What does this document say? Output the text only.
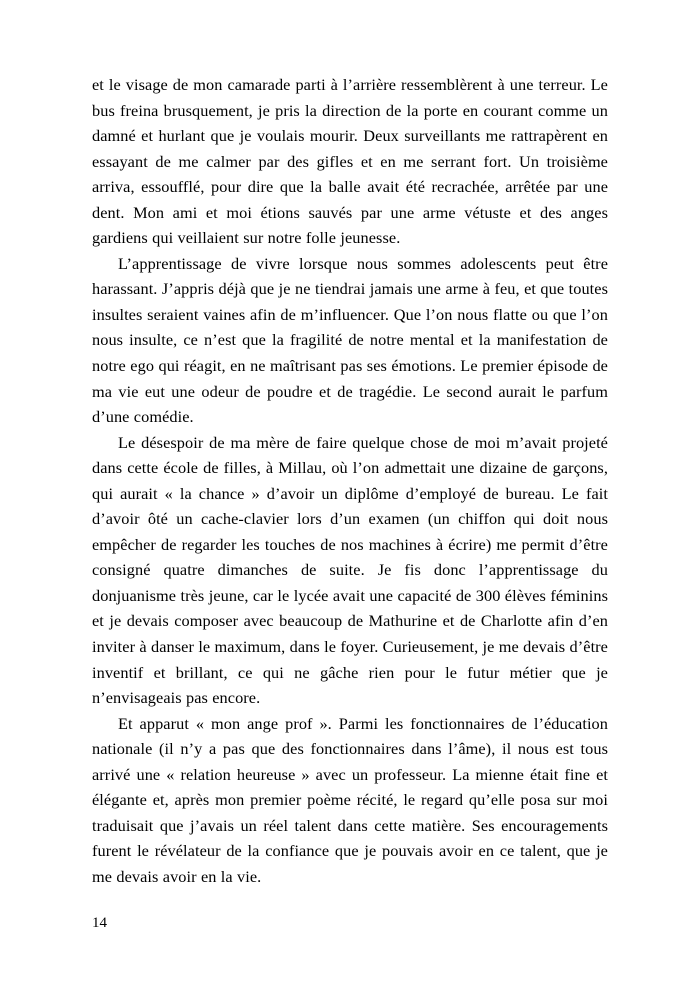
et le visage de mon camarade parti à l’arrière ressemblèrent à une terreur. Le bus freina brusquement, je pris la direction de la porte en courant comme un damné et hurlant que je voulais mourir. Deux surveillants me rattrapèrent en essayant de me calmer par des gifles et en me serrant fort. Un troisième arriva, essoufflé, pour dire que la balle avait été recrachée, arrêtée par une dent. Mon ami et moi étions sauvés par une arme vétuste et des anges gardiens qui veillaient sur notre folle jeunesse.

L’apprentissage de vivre lorsque nous sommes adolescents peut être harassant. J’appris déjà que je ne tiendrai jamais une arme à feu, et que toutes insultes seraient vaines afin de m’influencer. Que l’on nous flatte ou que l’on nous insulte, ce n’est que la fragilité de notre mental et la manifestation de notre ego qui réagit, en ne maîtrisant pas ses émotions. Le premier épisode de ma vie eut une odeur de poudre et de tragédie. Le second aurait le parfum d’une comédie.

Le désespoir de ma mère de faire quelque chose de moi m’avait projeté dans cette école de filles, à Millau, où l’on admettait une dizaine de garçons, qui aurait « la chance » d’avoir un diplôme d’employé de bureau. Le fait d’avoir ôté un cache-clavier lors d’un examen (un chiffon qui doit nous empêcher de regarder les touches de nos machines à écrire) me permit d’être consigné quatre dimanches de suite. Je fis donc l’apprentissage du donjuanisme très jeune, car le lycée avait une capacité de 300 élèves féminins et je devais composer avec beaucoup de Mathurine et de Charlotte afin d’en inviter à danser le maximum, dans le foyer. Curieusement, je me devais d’être inventif et brillant, ce qui ne gâche rien pour le futur métier que je n’envisageais pas encore.

Et apparut « mon ange prof ». Parmi les fonctionnaires de l’éducation nationale (il n’y a pas que des fonctionnaires dans l’âme), il nous est tous arrivé une « relation heureuse » avec un professeur. La mienne était fine et élégante et, après mon premier poème récité, le regard qu’elle posa sur moi traduisait que j’avais un réel talent dans cette matière. Ses encouragements furent le révélateur de la confiance que je pouvais avoir en ce talent, que je me devais avoir en la vie.

14
